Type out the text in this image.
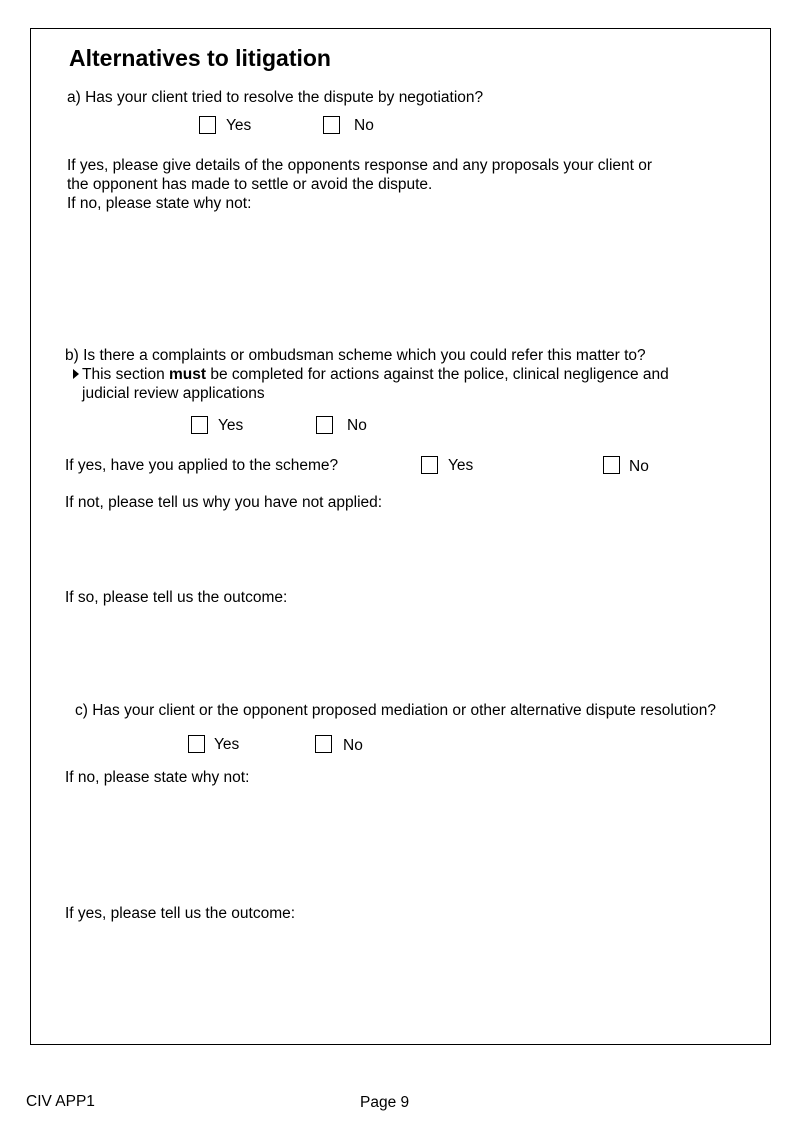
Alternatives to litigation
a) Has your client tried to resolve the dispute by negotiation?
Yes	No
If yes, please give details of the opponents response and any proposals your client or
the opponent has made to settle or avoid the dispute.
If no, please state why not:
b) Is there a complaints or ombudsman scheme which you could refer this matter to?
This section must be completed for actions against the police, clinical negligence and
judicial review applications
Yes	No
If yes, have you applied to the scheme?	Yes	No
If not, please tell us why you have not applied:
If so, please tell us the outcome:
c) Has your client or the opponent proposed mediation or other alternative dispute resolution?
Yes	No
If no, please state why not:
If yes, please tell us the outcome:
CIV APP1	Page 9
